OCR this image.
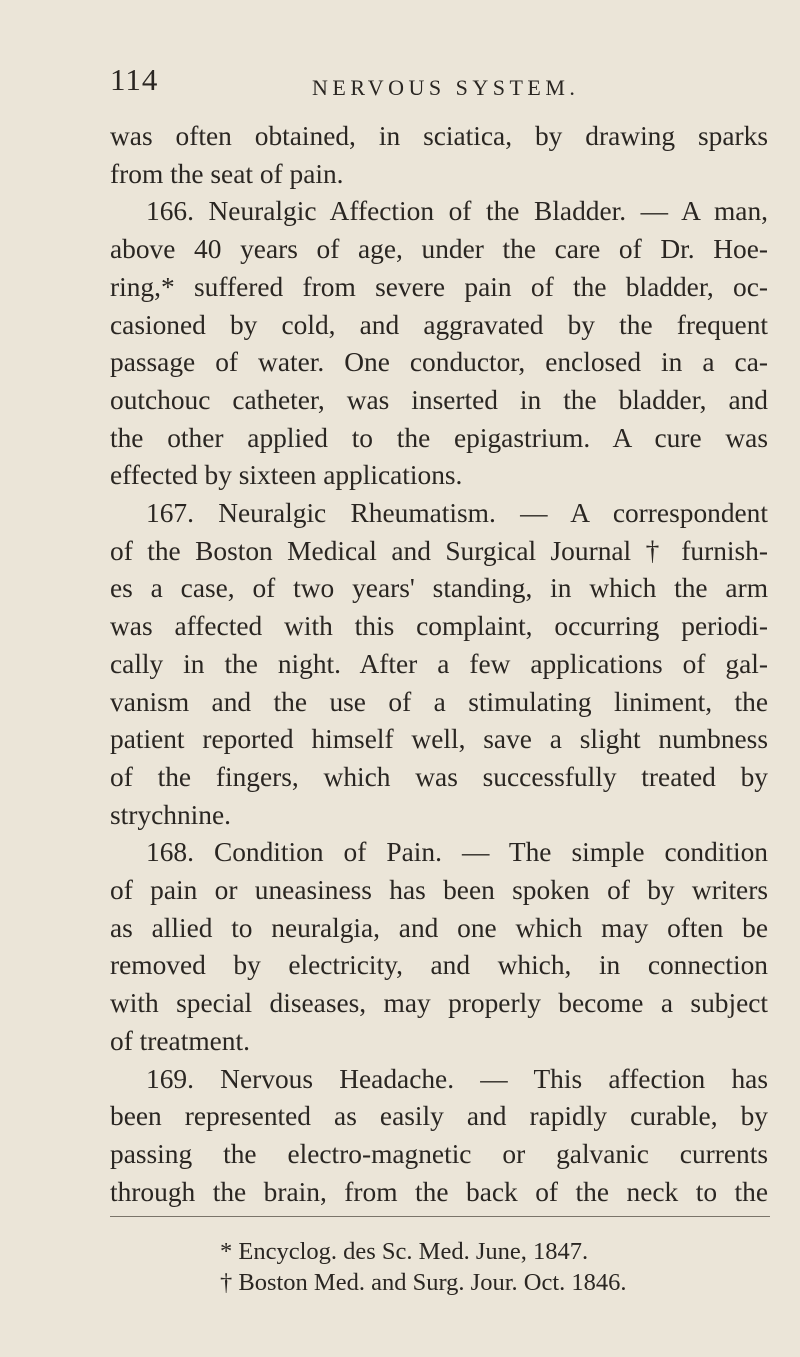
114	NERVOUS SYSTEM.
was often obtained, in sciatica, by drawing sparks
from the seat of pain.
166. Neuralgic Affection of the Bladder. — A man,
above 40 years of age, under the care of Dr. Hoe-
ring,* suffered from severe pain of the bladder, oc-
casioned by cold, and aggravated by the frequent
passage of water. One conductor, enclosed in a ca-
outchouc catheter, was inserted in the bladder, and
the other applied to the epigastrium. A cure was
effected by sixteen applications.
167. Neuralgic Rheumatism. — A correspondent
of the Boston Medical and Surgical Journal † furnish-
es a case, of two years' standing, in which the arm
was affected with this complaint, occurring periodi-
cally in the night. After a few applications of gal-
vanism and the use of a stimulating liniment, the
patient reported himself well, save a slight numbness
of the fingers, which was successfully treated by
strychnine.
168. Condition of Pain. — The simple condition
of pain or uneasiness has been spoken of by writers
as allied to neuralgia, and one which may often be
removed by electricity, and which, in connection
with special diseases, may properly become a subject
of treatment.
169. Nervous Headache. — This affection has
been represented as easily and rapidly curable, by
passing the electro-magnetic or galvanic currents
through the brain, from the back of the neck to the
* Encyclog. des Sc. Med. June, 1847.
† Boston Med. and Surg. Jour. Oct. 1846.
